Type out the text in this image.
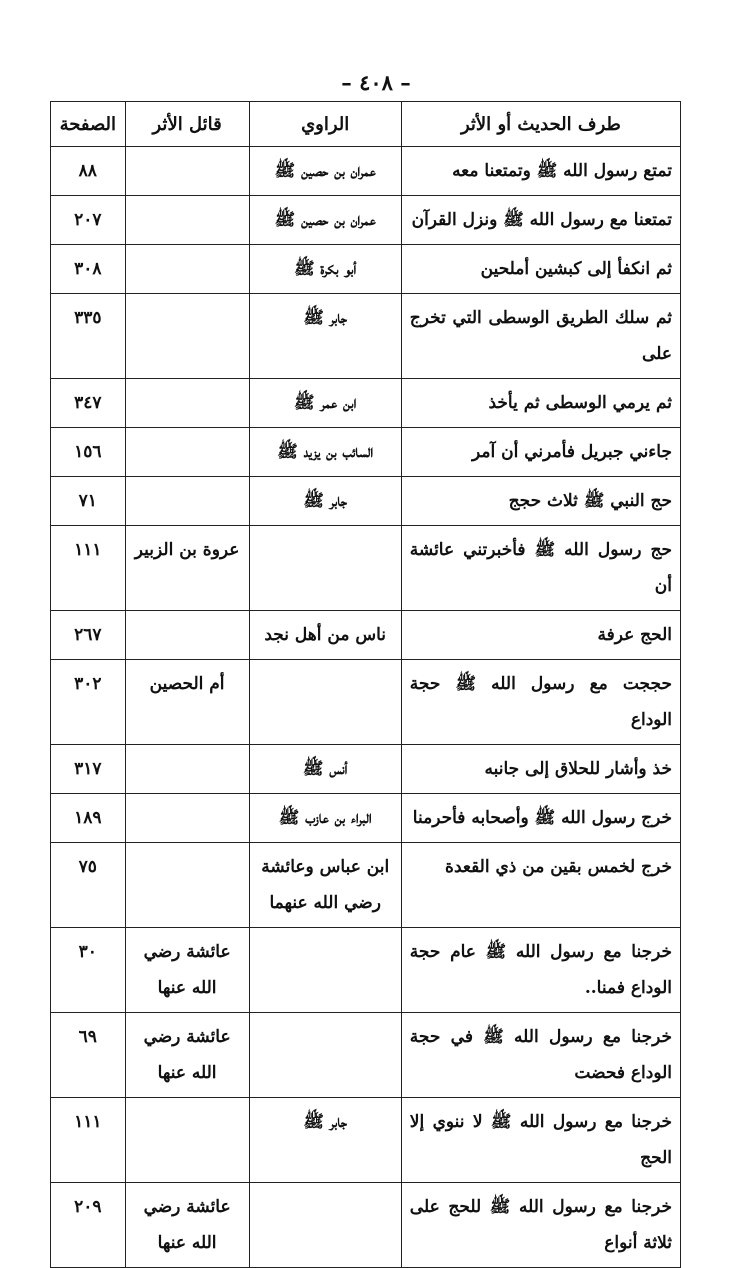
– ٤٠٨ –
طرف الحديث أو الأثر	الراوي	قائل الأثر	الصفحة
تمتع رسول الله ﷺ وتمتعنا معه	عمران بن حصين ﷺ		٨٨
تمتعنا مع رسول الله ﷺ ونزل القرآن	عمران بن حصين ﷺ		٢٠٧
ثم انكفأ إلى كبشين أملحين	أبو بكرة ﷺ		٣٠٨
ثم سلك الطريق الوسطى التي تخرج على	جابر ﷺ		٣٣٥
ثم يرمي الوسطى ثم يأخذ	ابن عمر ﷺ		٣٤٧
جاءني جبريل فأمرني أن آمر	السائب بن يزيد ﷺ		١٥٦
حج النبي ﷺ ثلاث حجج	جابر ﷺ		٧١
حج رسول الله ﷺ فأخبرتني عائشة أن		عروة بن الزبير	١١١
الحج عرفة	ناس من أهل نجد		٢٦٧
حججت مع رسول الله ﷺ حجة الوداع		أم الحصين	٣٠٢
خذ وأشار للحلاق إلى جانبه	أنس ﷺ		٣١٧
خرج رسول الله ﷺ وأصحابه فأحرمنا	البراء بن عازب ﷺ		١٨٩
خرج لخمس بقين من ذي القعدة	ابن عباس وعائشة رضي الله عنهما		٧٥
خرجنا مع رسول الله ﷺ عام حجة الوداع فمنا..		عائشة رضي الله عنها	٣٠
خرجنا مع رسول الله ﷺ في حجة الوداع فحضت		عائشة رضي الله عنها	٦٩
خرجنا مع رسول الله ﷺ لا ننوي إلا الحج	جابر ﷺ		١١١
خرجنا مع رسول الله ﷺ للحج على ثلاثة أنواع		عائشة رضي الله عنها	٢٠٩
